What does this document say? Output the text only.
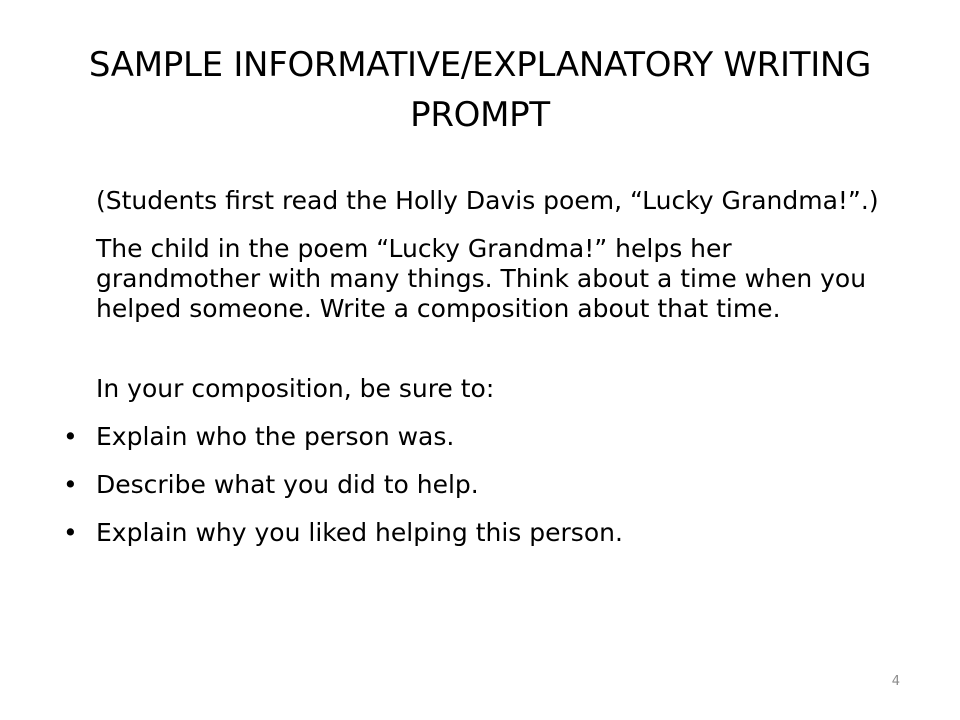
SAMPLE INFORMATIVE/EXPLANATORY WRITING PROMPT

(Students first read the Holly Davis poem, “Lucky Grandma!”.)

The child in the poem “Lucky Grandma!” helps her grandmother with many things. Think about a time when you helped someone. Write a composition about that time.

In your composition, be sure to:

• Explain who the person was.
• Describe what you did to help.
• Explain why you liked helping this person.
4
